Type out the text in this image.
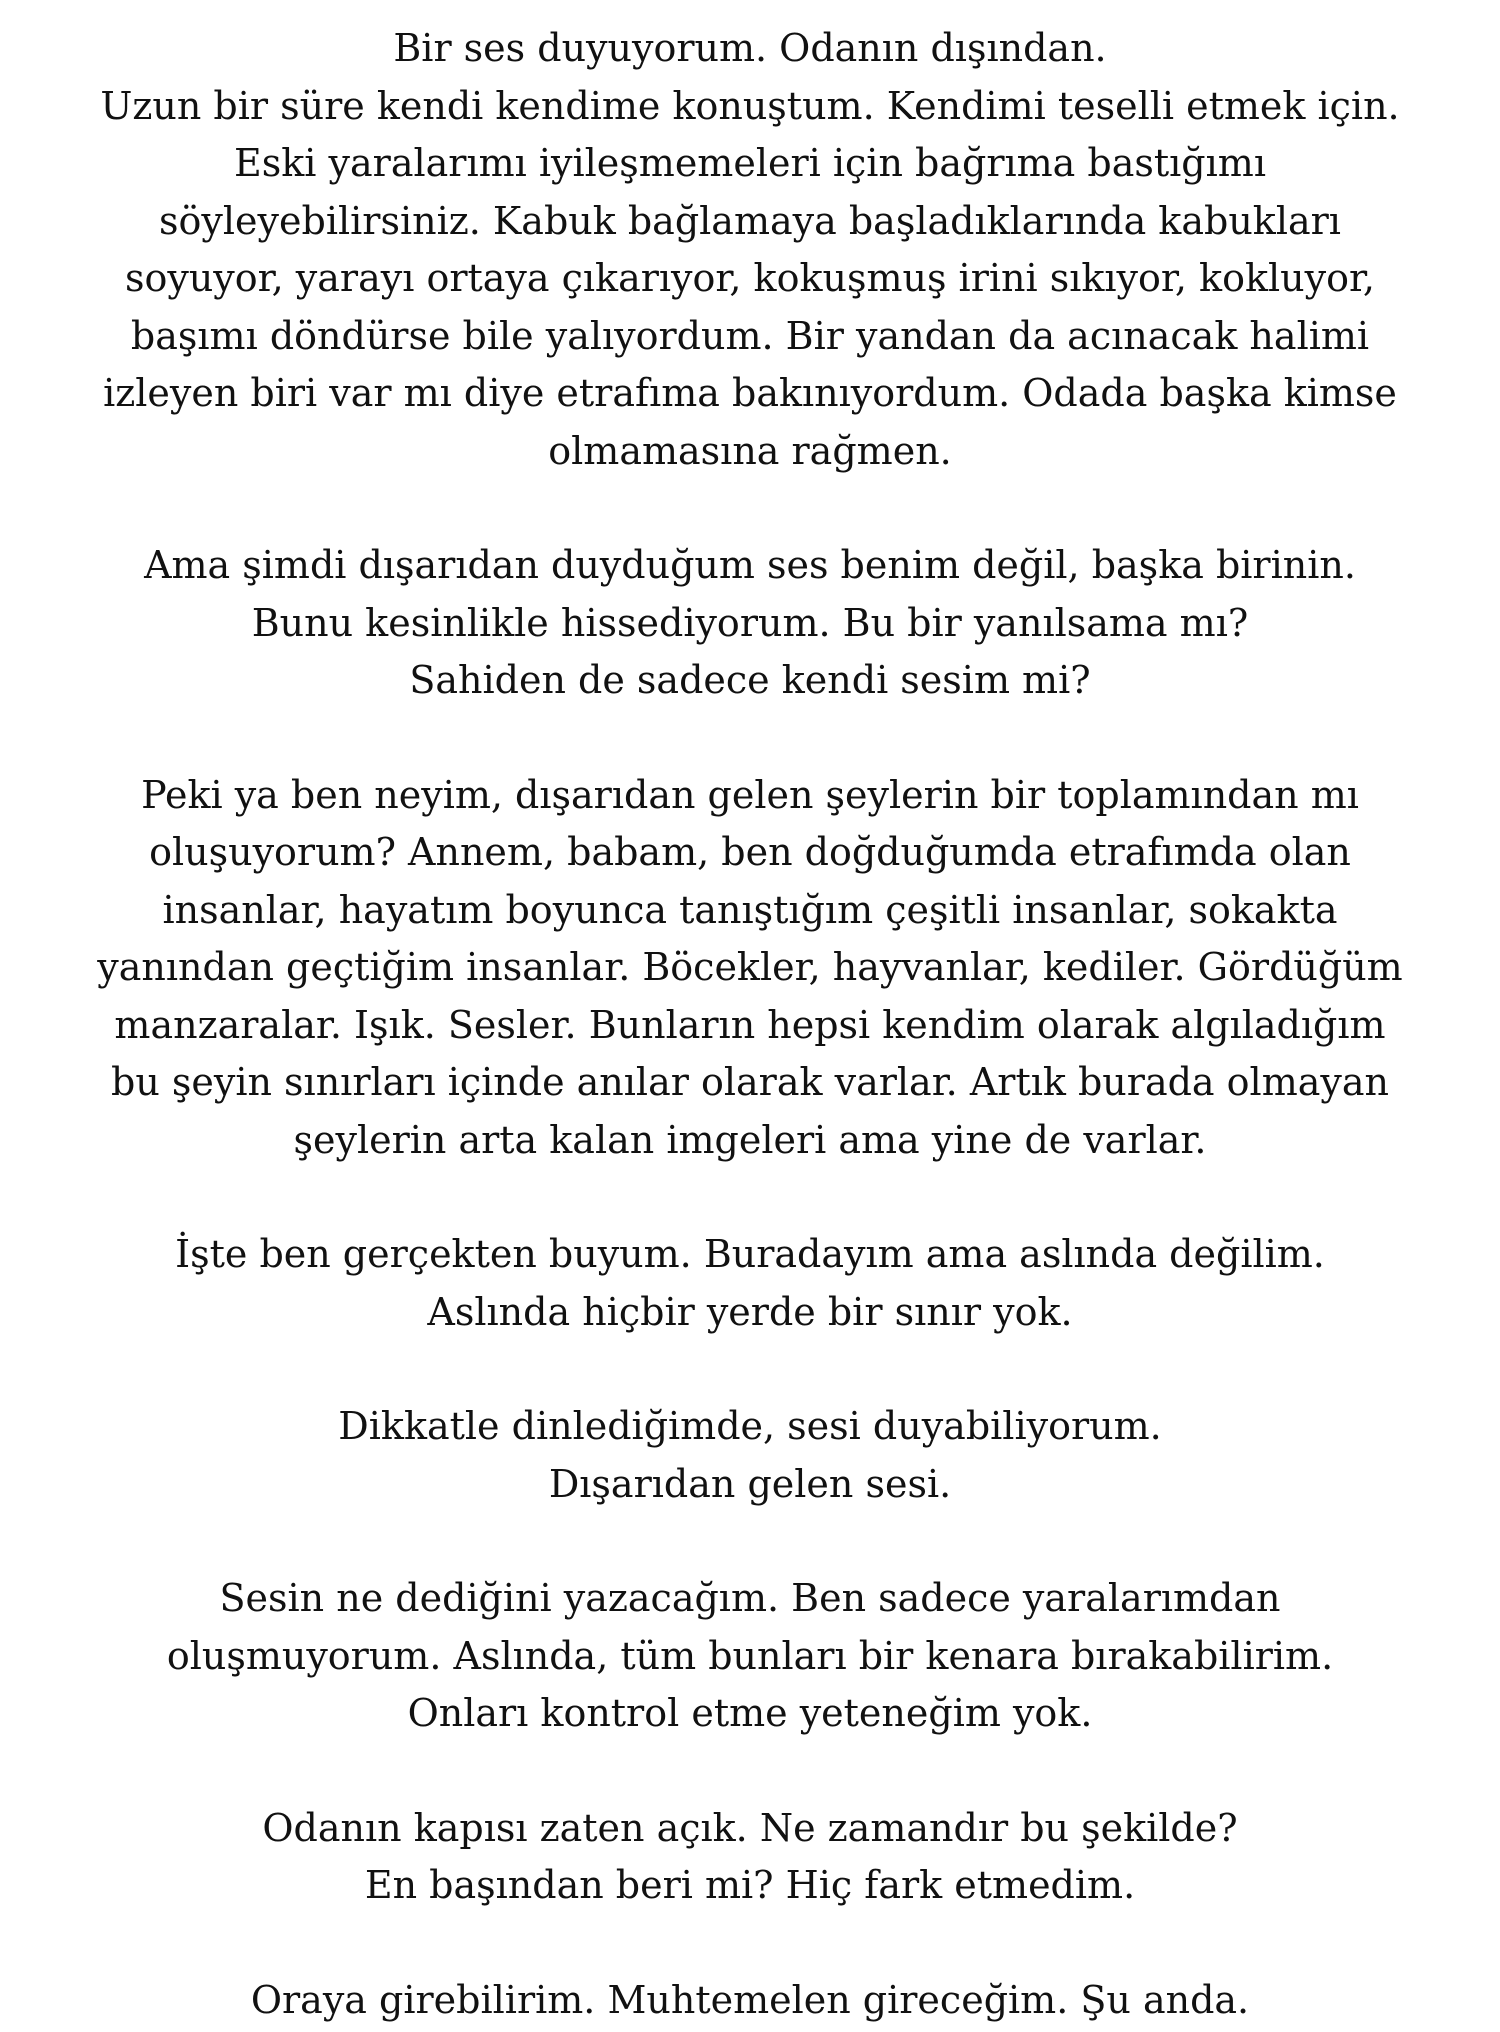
Bir ses duyuyorum. Odanın dışından.
Uzun bir süre kendi kendime konuştum. Kendimi teselli etmek için.
Eski yaralarımı iyileşmemeleri için bağrıma bastığımı
söyleyebilirsiniz. Kabuk bağlamaya başladıklarında kabukları
soyuyor, yarayı ortaya çıkarıyor, kokuşmuş irini sıkıyor, kokluyor,
başımı döndürse bile yalıyordum. Bir yandan da acınacak halimi
izleyen biri var mı diye etrafıma bakınıyordum. Odada başka kimse
olmamasına rağmen.

Ama şimdi dışarıdan duyduğum ses benim değil, başka birinin.
Bunu kesinlikle hissediyorum. Bu bir yanılsama mı?
Sahiden de sadece kendi sesim mi?

Peki ya ben neyim, dışarıdan gelen şeylerin bir toplamından mı
oluşuyorum? Annem, babam, ben doğduğumda etrafımda olan
insanlar, hayatım boyunca tanıştığım çeşitli insanlar, sokakta
yanından geçtiğim insanlar. Böcekler, hayvanlar, kediler. Gördüğüm
manzaralar. Işık. Sesler. Bunların hepsi kendim olarak algıladığım
bu şeyin sınırları içinde anılar olarak varlar. Artık burada olmayan
şeylerin arta kalan imgeleri ama yine de varlar.

İşte ben gerçekten buyum. Buradayım ama aslında değilim.
Aslında hiçbir yerde bir sınır yok.

Dikkatle dinlediğimde, sesi duyabiliyorum.
Dışarıdan gelen sesi.

Sesin ne dediğini yazacağım. Ben sadece yaralarımdan
oluşmuyorum. Aslında, tüm bunları bir kenara bırakabilirim.
Onları kontrol etme yeteneğim yok.

Odanın kapısı zaten açık. Ne zamandır bu şekilde?
En başından beri mi? Hiç fark etmedim.

Oraya girebilirim. Muhtemelen gireceğim. Şu anda.
